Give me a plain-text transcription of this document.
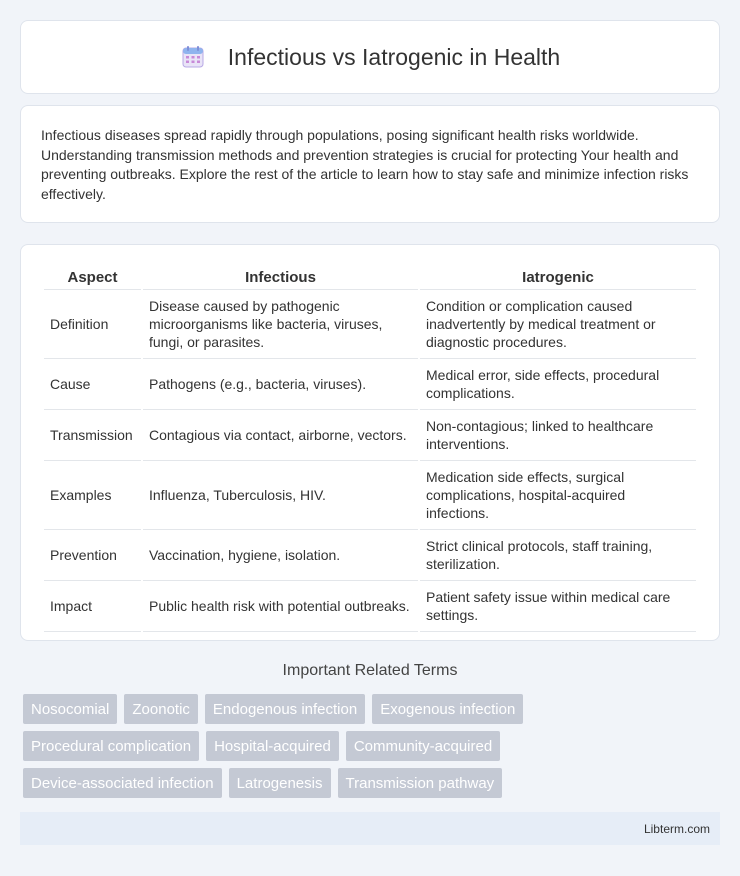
Infectious vs Iatrogenic in Health

Infectious diseases spread rapidly through populations, posing significant health risks worldwide. Understanding transmission methods and prevention strategies is crucial for protecting Your health and preventing outbreaks. Explore the rest of the article to learn how to stay safe and minimize infection risks effectively.

Aspect	Infectious	Iatrogenic
Definition	Disease caused by pathogenic microorganisms like bacteria, viruses, fungi, or parasites.	Condition or complication caused inadvertently by medical treatment or diagnostic procedures.
Cause	Pathogens (e.g., bacteria, viruses).	Medical error, side effects, procedural complications.
Transmission	Contagious via contact, airborne, vectors.	Non-contagious; linked to healthcare interventions.
Examples	Influenza, Tuberculosis, HIV.	Medication side effects, surgical complications, hospital-acquired infections.
Prevention	Vaccination, hygiene, isolation.	Strict clinical protocols, staff training, sterilization.
Impact	Public health risk with potential outbreaks.	Patient safety issue within medical care settings.
Important Related Terms
Nosocomial	Zoonotic	Endogenous infection	Exogenous infection
Procedural complication	Hospital-acquired	Community-acquired
Device-associated infection	Latrogenesis	Transmission pathway
Libterm.com
